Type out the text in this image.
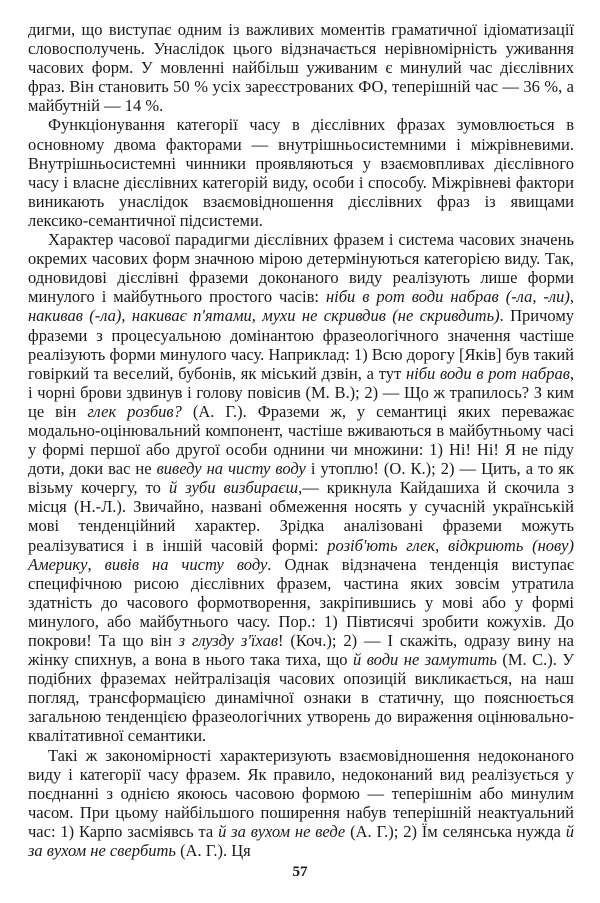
дигми, що виступає одним із важливих моментів граматичної ідіоматизації словосполучень. Унаслідок цього відзначається нерівномірність уживання часових форм. У мовленні найбільш уживаним є минулий час дієслівних фраз. Він становить 50 % усіх зареєстрованих ФО, теперішній час — 36 %, а майбутній — 14 %.

Функціонування категорії часу в дієслівних фразах зумовлюється в основному двома факторами — внутрішньосистемними і міжрівневими. Внутрішньосистемні чинники проявляються у взаємовпливах дієслівного часу і власне дієслівних категорій виду, особи і способу. Міжрівневі фактори виникають унаслідок взаємовідношення дієслівних фраз із явищами лексико-семантичної підсистеми.

Характер часової парадигми дієслівних фразем і система часових значень окремих часових форм значною мірою детермінуються категорією виду. Так, одновидові дієслівні фраземи доконаного виду реалізують лише форми минулого і майбутнього простого часів: ніби в рот води набрав (-ла, -ли), накивав (-ла), накиває п'ятами, мухи не скривдив (не скривдить). Причому фраземи з процесуальною домінантою фразеологічного значення частіше реалізують форми минулого часу. Наприклад: 1) Всю дорогу [Яків] був такий говіркий та веселий, бубонів, як міський дзвін, а тут ніби води в рот набрав, і чорні брови здвинув і голову повісив (М. В.); 2) — Що ж трапилось? З ким це він глек розбив? (А. Г.). Фраземи ж, у семантиці яких переважає модально-оцінювальний компонент, частіше вживаються в майбутньому часі у формі першої або другої особи однини чи множини: 1) Ні! Ні! Я не піду доти, доки вас не виведу на чисту воду і утоплю! (О. К.); 2) — Цить, а то як візьму кочергу, то й зуби визбираєш,— крикнула Кайдашиха й скочила з місця (Н.-Л.). Звичайно, названі обмеження носять у сучасній українській мові тенденційний характер. Зрідка аналізовані фраземи можуть реалізуватися і в іншій часовій формі: розіб'ють глек, відкриють (нову) Америку, вивів на чисту воду. Однак відзначена тенденція виступає специфічною рисою дієслівних фразем, частина яких зовсім утратила здатність до часового формотворення, закріпившись у мові або у формі минулого, або майбутнього часу. Пор.: 1) Півтисячі зробити кожухів. До покрови! Та що він з глузду з'їхав! (Коч.); 2) — І скажіть, одразу вину на жінку спихнув, а вона в нього така тиха, що й води не замутить (М. С.). У подібних фраземах нейтралізація часових опозицій викликається, на наш погляд, трансформацією динамічної ознаки в статичну, що пояснюється загальною тенденцією фразеологічних утворень до вираження оцінювально-квалітативної семантики.

Такі ж закономірності характеризують взаємовідношення недоконаного виду і категорії часу фразем. Як правило, недоконаний вид реалізується у поєднанні з однією якоюсь часовою формою — теперішнім або минулим часом. При цьому найбільшого поширення набув теперішній неактуальний час: 1) Карпо засміявсь та й за вухом не веде (А. Г.); 2) Їм селянська нужда й за вухом не свербить (А. Г.). Ця

57
